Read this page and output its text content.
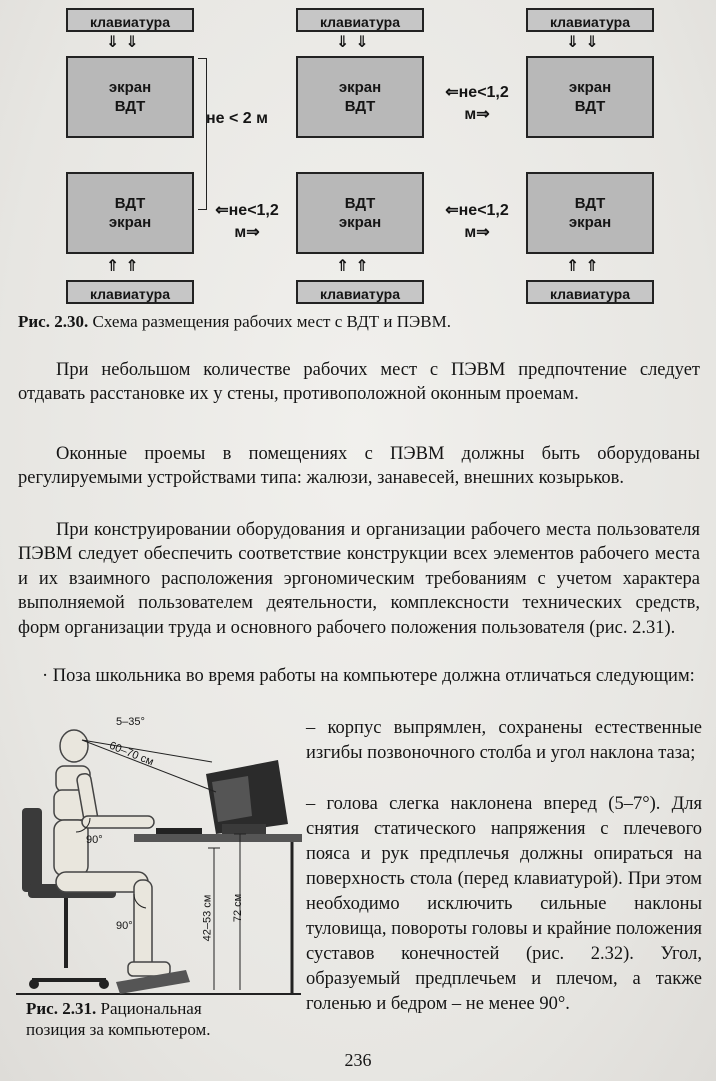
клавиатура
⇓⇓
экран
ВДТ
клавиатура
⇓⇓
экран
ВДТ
клавиатура
⇓⇓
экран
ВДТ
⇐не<1,2
м⇒
не < 2 м
ВДТ
экран
⇑⇑
клавиатура
ВДТ
экран
⇑⇑
клавиатура
ВДТ
экран
⇑⇑
клавиатура
⇐не<1,2
м⇒
⇐не<1,2
м⇒
Рис. 2.30. Схема размещения рабочих мест с ВДТ и ПЭВМ.
При небольшом количестве рабочих мест с ПЭВМ предпочтение следует отдавать расстановке их у стены, противоположной оконным проемам.
Оконные проемы в помещениях с ПЭВМ должны быть оборудованы регулируемыми устройствами типа: жалюзи, занавесей, внешних козырьков.
При конструировании оборудования и организации рабочего места пользователя ПЭВМ следует обеспечить соответствие конструкции всех элементов рабочего места и их взаимного расположения эргономическим требованиям с учетом характера выполняемой пользователем деятельности, комплексности технических средств, форм организации труда и основного рабочего положения пользователя (рис. 2.31).
· Поза школьника во время работы на компьютере должна отличаться следующим:
5–35°
60–70 см
90°
90°	42–53 см 72 см
Рис. 2.31. Рациональная
позиция за компьютером.
– корпус выпрямлен, сохранены естественные изгибы позвоночного столба и угол наклона таза;
– голова слегка наклонена вперед (5–7°). Для снятия статического напряжения с плечевого пояса и рук предплечья должны опираться на поверхность стола (перед клавиатурой). При этом необходимо исключить сильные наклоны туловища, повороты головы и крайние положения суставов конечностей (рис. 2.32). Угол, образуемый предплечьем и плечом, а также голенью и бедром – не менее 90°.
236
